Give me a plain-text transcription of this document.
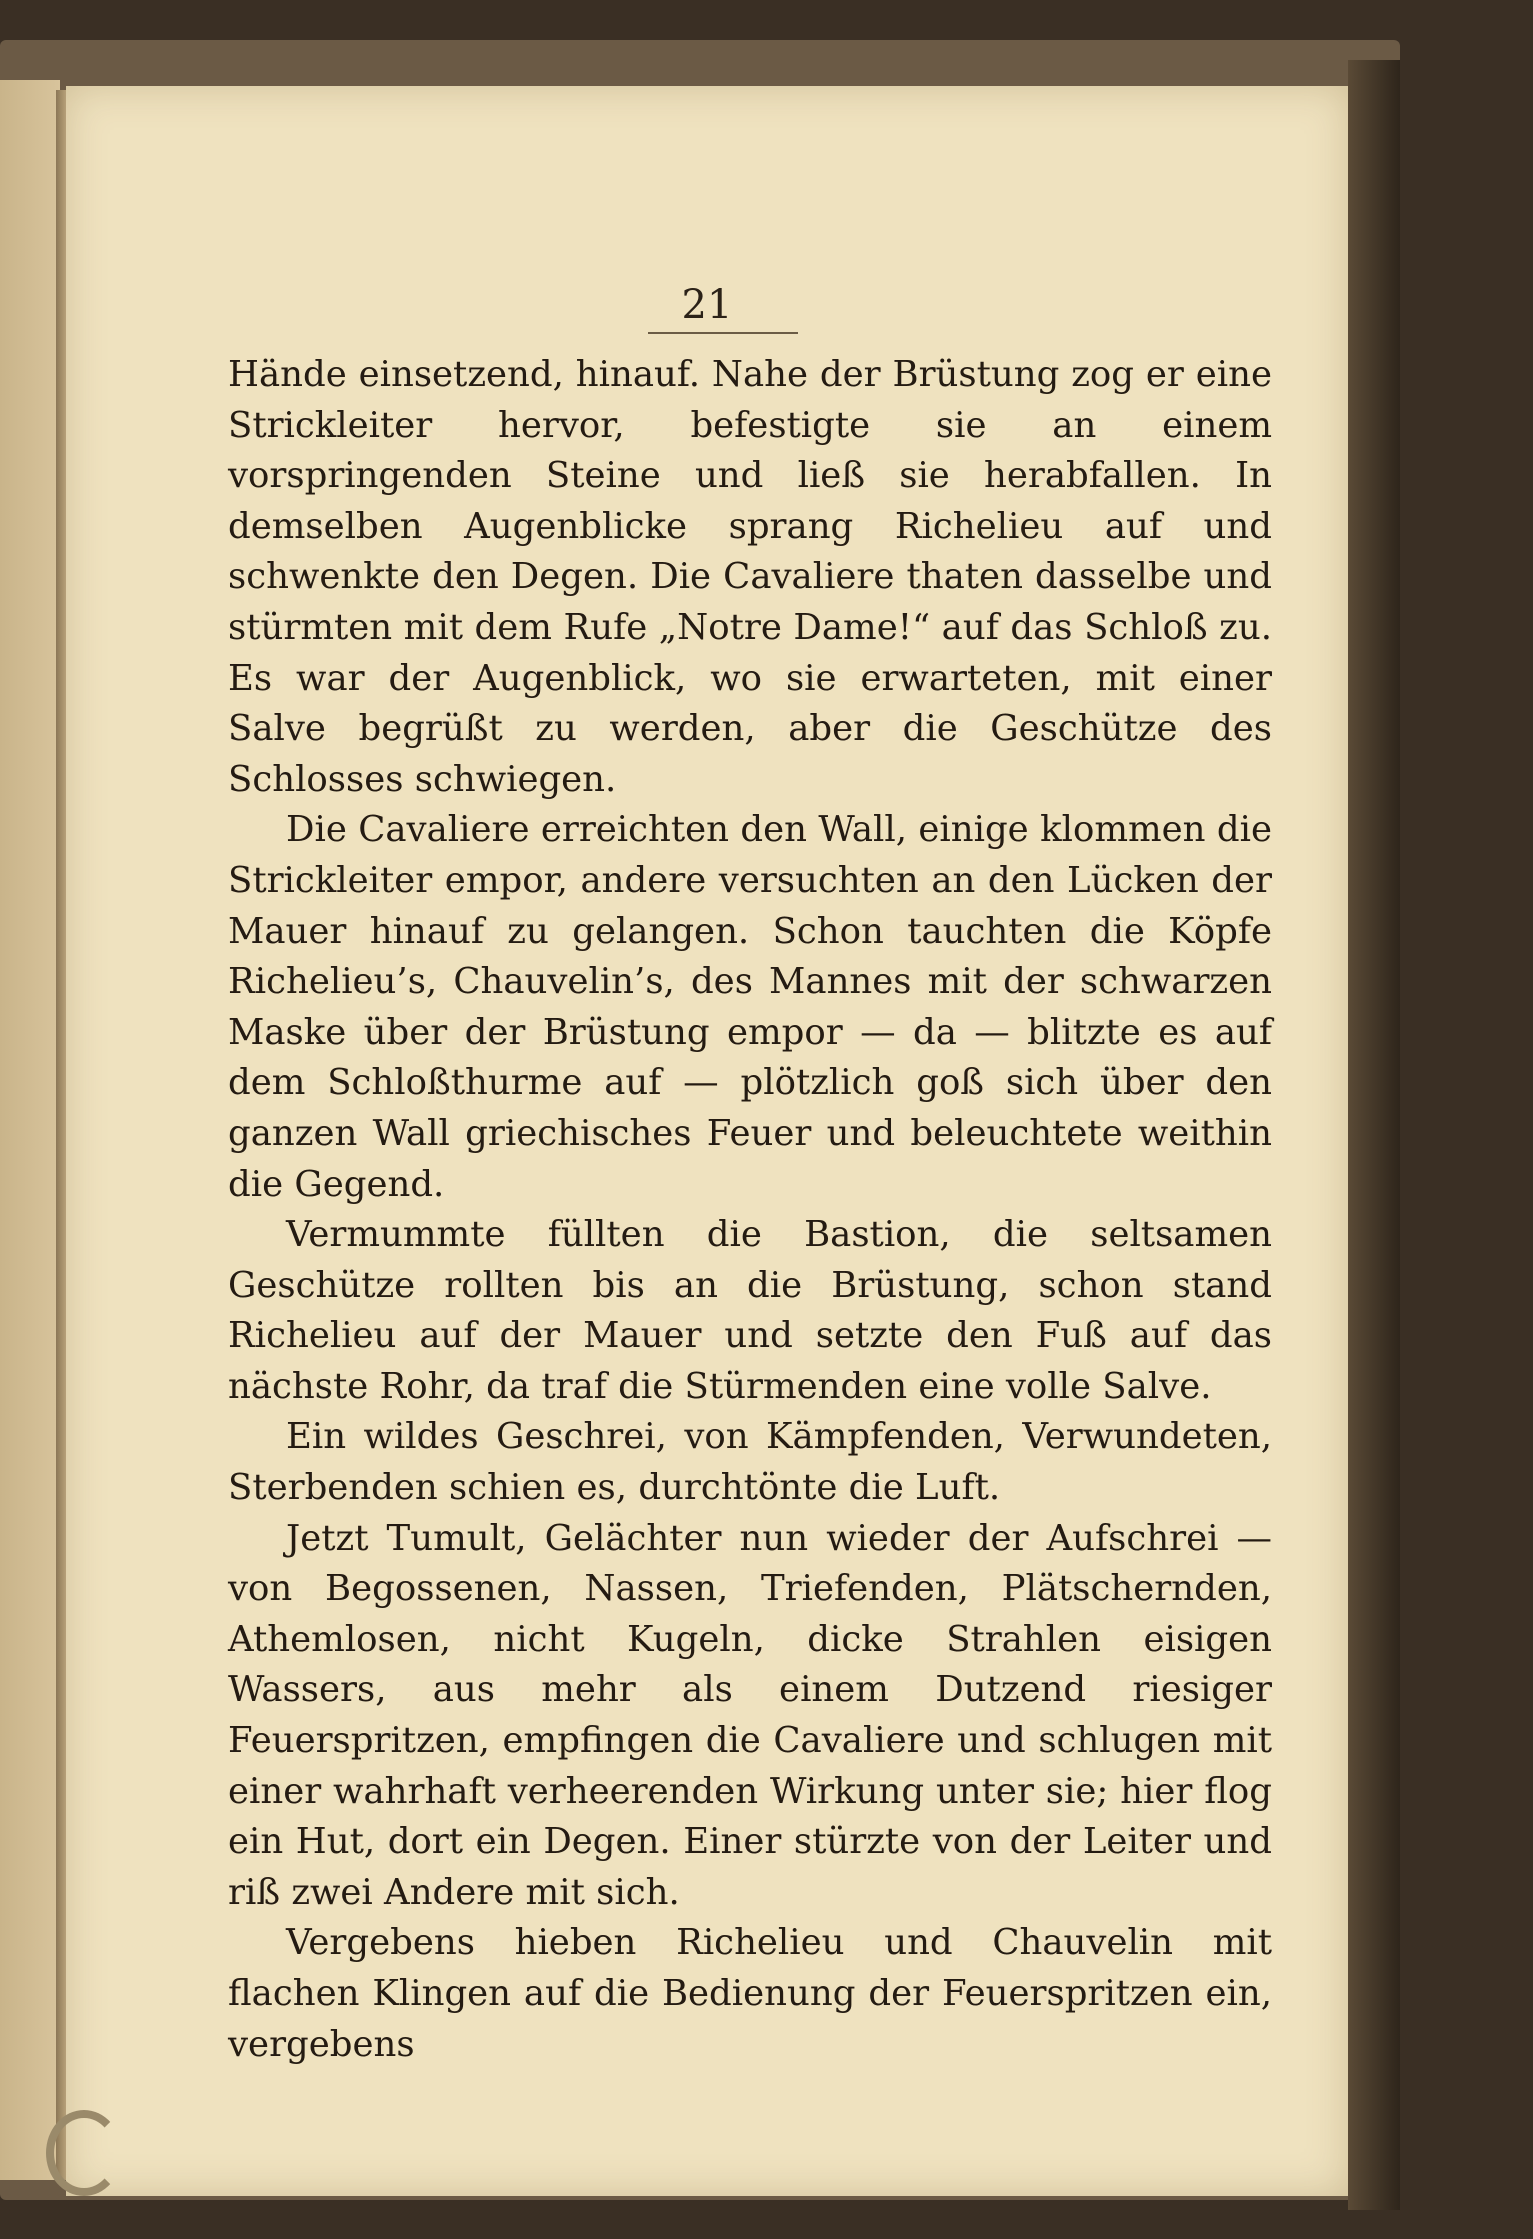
21

Hände einsetzend, hinauf. Nahe der Brüstung zog er eine Strickleiter hervor, befestigte sie an einem vorspringenden Steine und ließ sie herabfallen. In demselben Augenblicke sprang Richelieu auf und schwenkte den Degen. Die Cavaliere thaten dasselbe und stürmten mit dem Rufe „Notre Dame!“ auf das Schloß zu. Es war der Augenblick, wo sie erwarteten, mit einer Salve begrüßt zu werden, aber die Geschütze des Schlosses schwiegen.

Die Cavaliere erreichten den Wall, einige klommen die Strickleiter empor, andere versuchten an den Lücken der Mauer hinauf zu gelangen. Schon tauchten die Köpfe Richelieu’s, Chauvelin’s, des Mannes mit der schwarzen Maske über der Brüstung empor — da — blitzte es auf dem Schloßthurme auf — plötzlich goß sich über den ganzen Wall griechisches Feuer und beleuchtete weithin die Gegend.

Vermummte füllten die Bastion, die seltsamen Geschütze rollten bis an die Brüstung, schon stand Richelieu auf der Mauer und setzte den Fuß auf das nächste Rohr, da traf die Stürmenden eine volle Salve.

Ein wildes Geschrei, von Kämpfenden, Verwundeten, Sterbenden schien es, durchtönte die Luft.

Jetzt Tumult, Gelächter nun wieder der Aufschrei — von Begossenen, Nassen, Triefenden, Plätschernden, Athemlosen, nicht Kugeln, dicke Strahlen eisigen Wassers, aus mehr als einem Dutzend riesiger Feuerspritzen, empfingen die Cavaliere und schlugen mit einer wahrhaft verheerenden Wirkung unter sie; hier flog ein Hut, dort ein Degen. Einer stürzte von der Leiter und riß zwei Andere mit sich.

Vergebens hieben Richelieu und Chauvelin mit flachen Klingen auf die Bedienung der Feuerspritzen ein, vergebens
